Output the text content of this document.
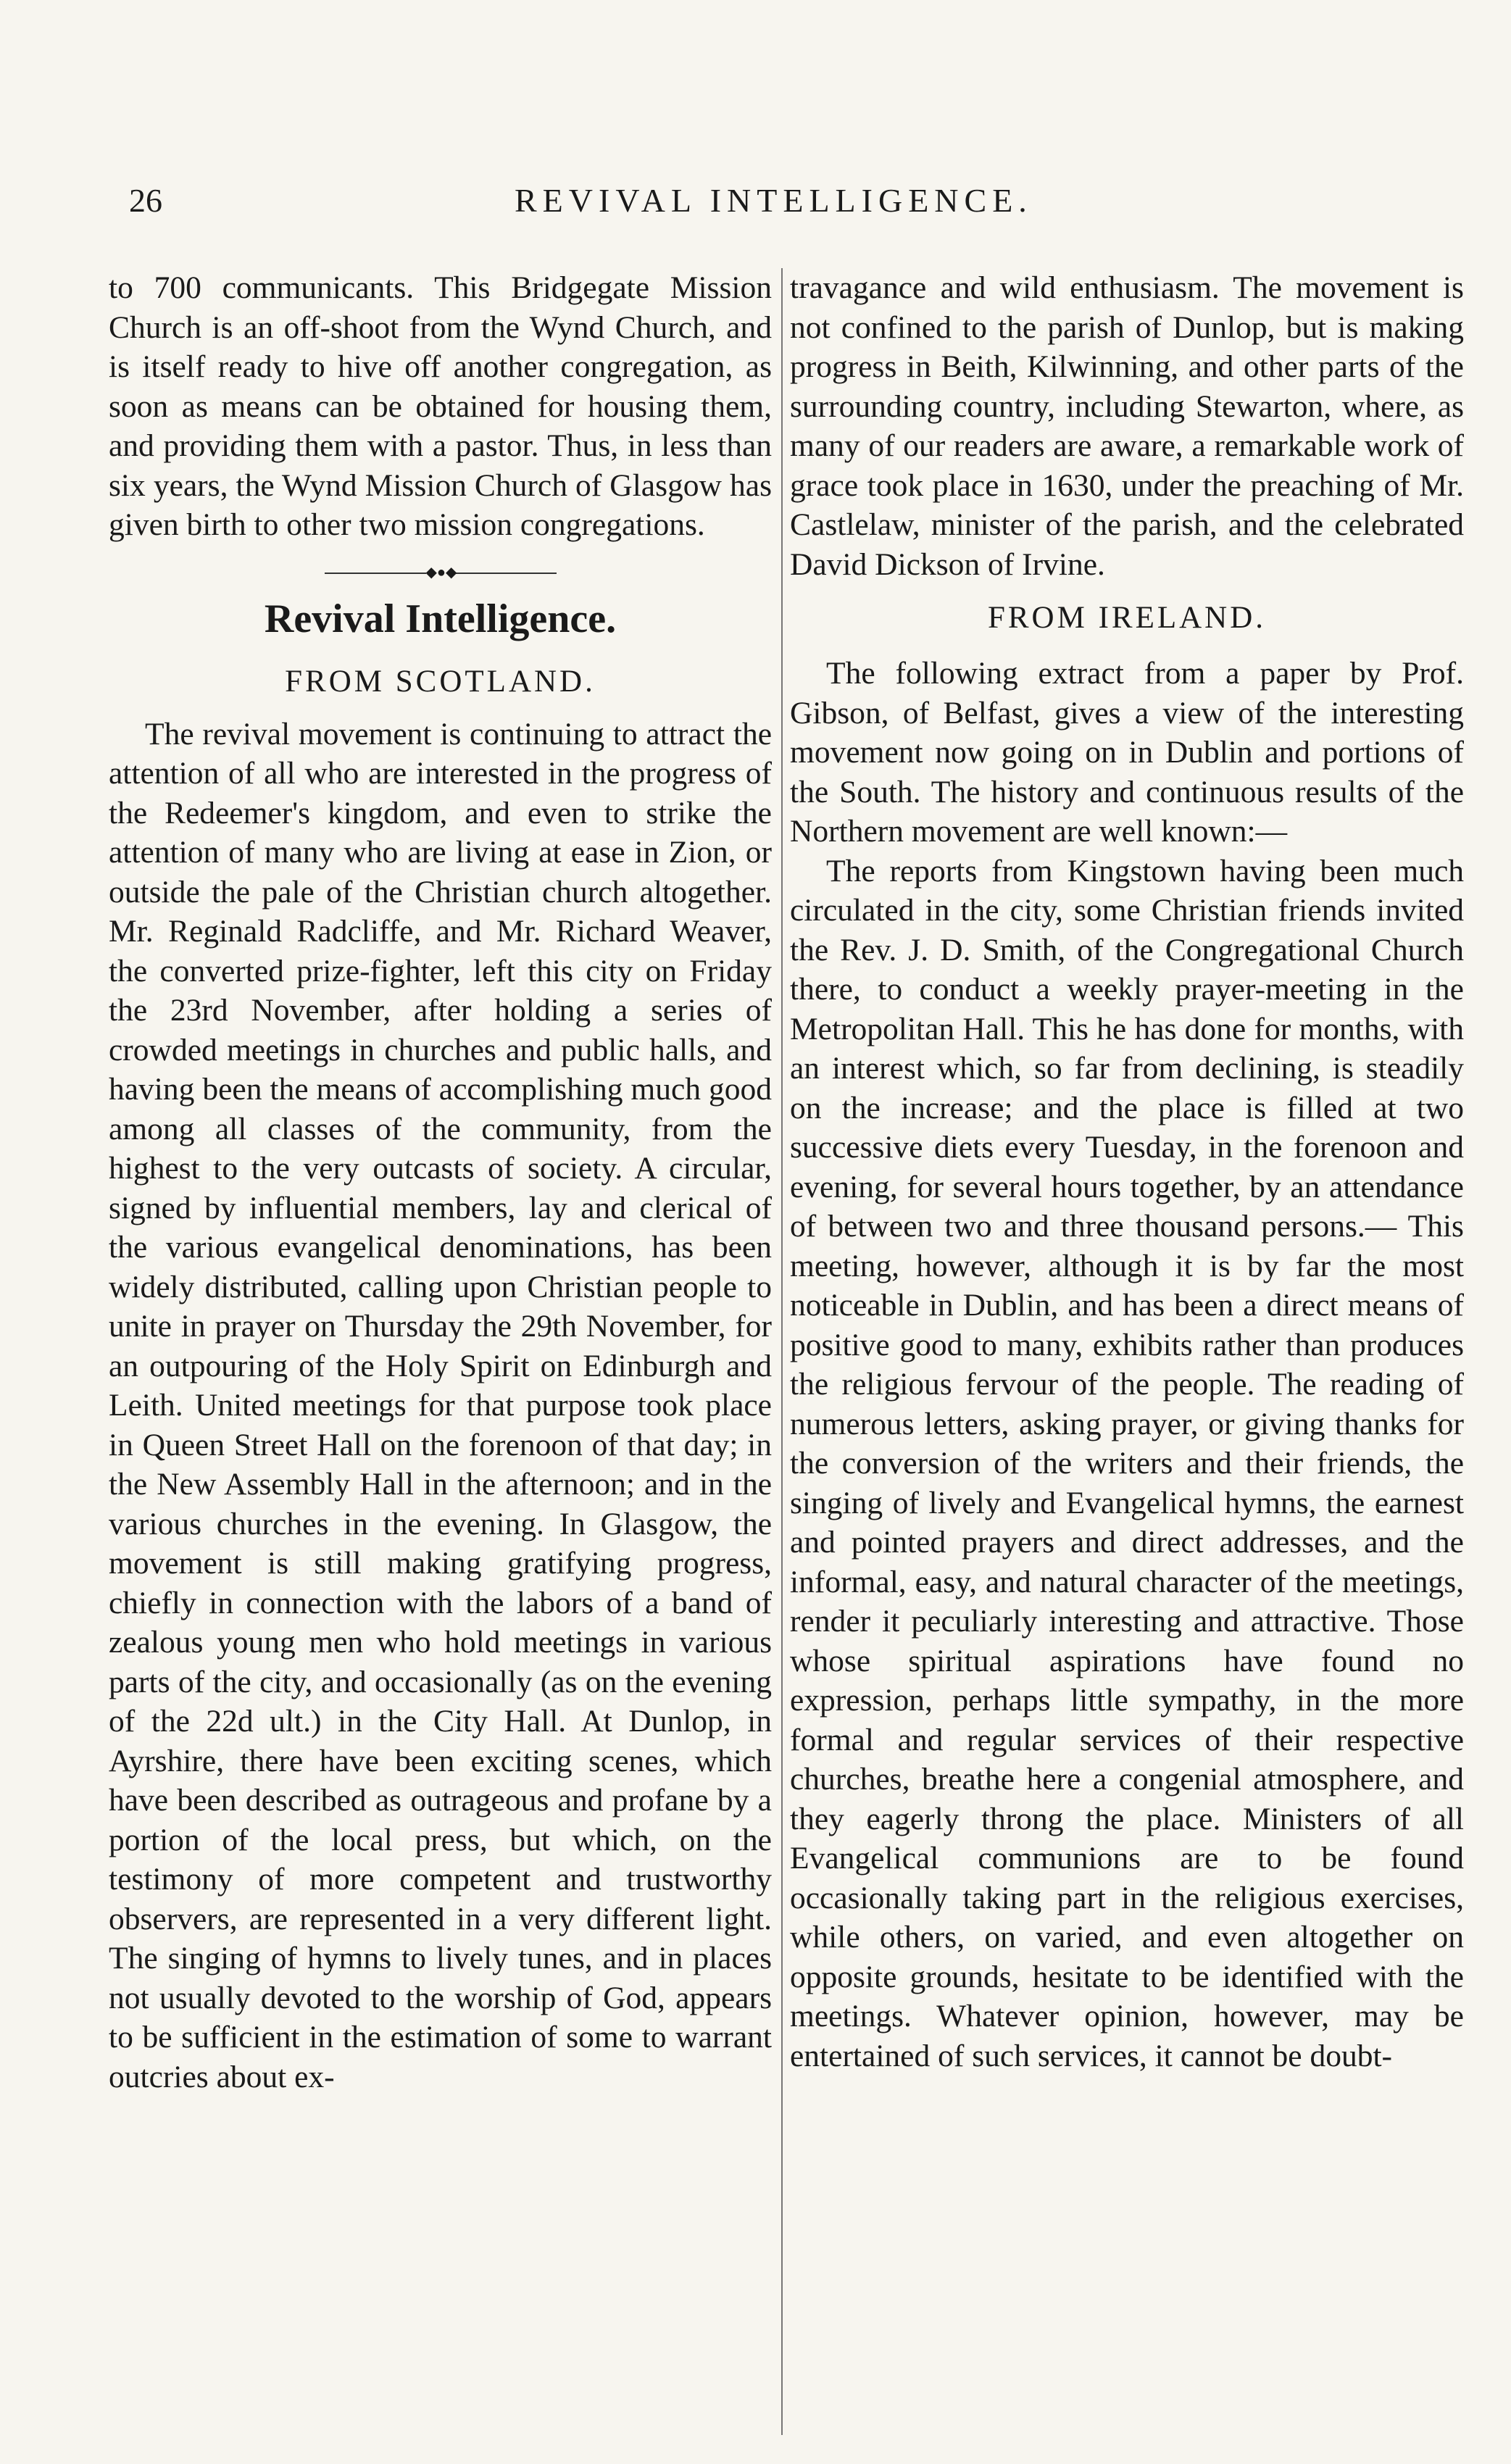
26	REVIVAL INTELLIGENCE.

to 700 communicants. This Bridgegate Mission Church is an off-shoot from the Wynd Church, and is itself ready to hive off another congregation, as soon as means can be obtained for housing them, and providing them with a pastor. Thus, in less than six years, the Wynd Mission Church of Glasgow has given birth to other two mission congregations.

◆●◆
Revival Intelligence.
FROM SCOTLAND.

The revival movement is continuing to attract the attention of all who are interested in the progress of the Redeemer's kingdom, and even to strike the attention of many who are living at ease in Zion, or outside the pale of the Christian church altogether. Mr. Reginald Radcliffe, and Mr. Richard Weaver, the converted prize-fighter, left this city on Friday the 23rd November, after holding a series of crowded meetings in churches and public halls, and having been the means of accomplishing much good among all classes of the community, from the highest to the very outcasts of society. A circular, signed by influential members, lay and clerical of the various evangelical denominations, has been widely distributed, calling upon Christian people to unite in prayer on Thursday the 29th November, for an outpouring of the Holy Spirit on Edinburgh and Leith. United meetings for that purpose took place in Queen Street Hall on the forenoon of that day; in the New Assembly Hall in the afternoon; and in the various churches in the evening. In Glasgow, the movement is still making gratifying progress, chiefly in connection with the labors of a band of zealous young men who hold meetings in various parts of the city, and occasionally (as on the evening of the 22d ult.) in the City Hall. At Dunlop, in Ayrshire, there have been exciting scenes, which have been described as outrageous and profane by a portion of the local press, but which, on the testimony of more competent and trustworthy observers, are represented in a very different light. The singing of hymns to lively tunes, and in places not usually devoted to the worship of God, appears to be sufficient in the estimation of some to warrant outcries about ex-

travagance and wild enthusiasm. The movement is not confined to the parish of Dunlop, but is making progress in Beith, Kilwinning, and other parts of the surrounding country, including Stewarton, where, as many of our readers are aware, a remarkable work of grace took place in 1630, under the preaching of Mr. Castlelaw, minister of the parish, and the celebrated David Dickson of Irvine.

FROM IRELAND.

The following extract from a paper by Prof. Gibson, of Belfast, gives a view of the interesting movement now going on in Dublin and portions of the South. The history and continuous results of the Northern movement are well known:—

The reports from Kingstown having been much circulated in the city, some Christian friends invited the Rev. J. D. Smith, of the Congregational Church there, to conduct a weekly prayer-meeting in the Metropolitan Hall. This he has done for months, with an interest which, so far from declining, is steadily on the increase; and the place is filled at two successive diets every Tuesday, in the forenoon and evening, for several hours together, by an attendance of between two and three thousand persons.— This meeting, however, although it is by far the most noticeable in Dublin, and has been a direct means of positive good to many, exhibits rather than produces the religious fervour of the people. The reading of numerous letters, asking prayer, or giving thanks for the conversion of the writers and their friends, the singing of lively and Evangelical hymns, the earnest and pointed prayers and direct addresses, and the informal, easy, and natural character of the meetings, render it peculiarly interesting and attractive. Those whose spiritual aspirations have found no expression, perhaps little sympathy, in the more formal and regular services of their respective churches, breathe here a congenial atmosphere, and they eagerly throng the place. Ministers of all Evangelical communions are to be found occasionally taking part in the religious exercises, while others, on varied, and even altogether on opposite grounds, hesitate to be identified with the meetings. Whatever opinion, however, may be entertained of such services, it cannot be doubt-
